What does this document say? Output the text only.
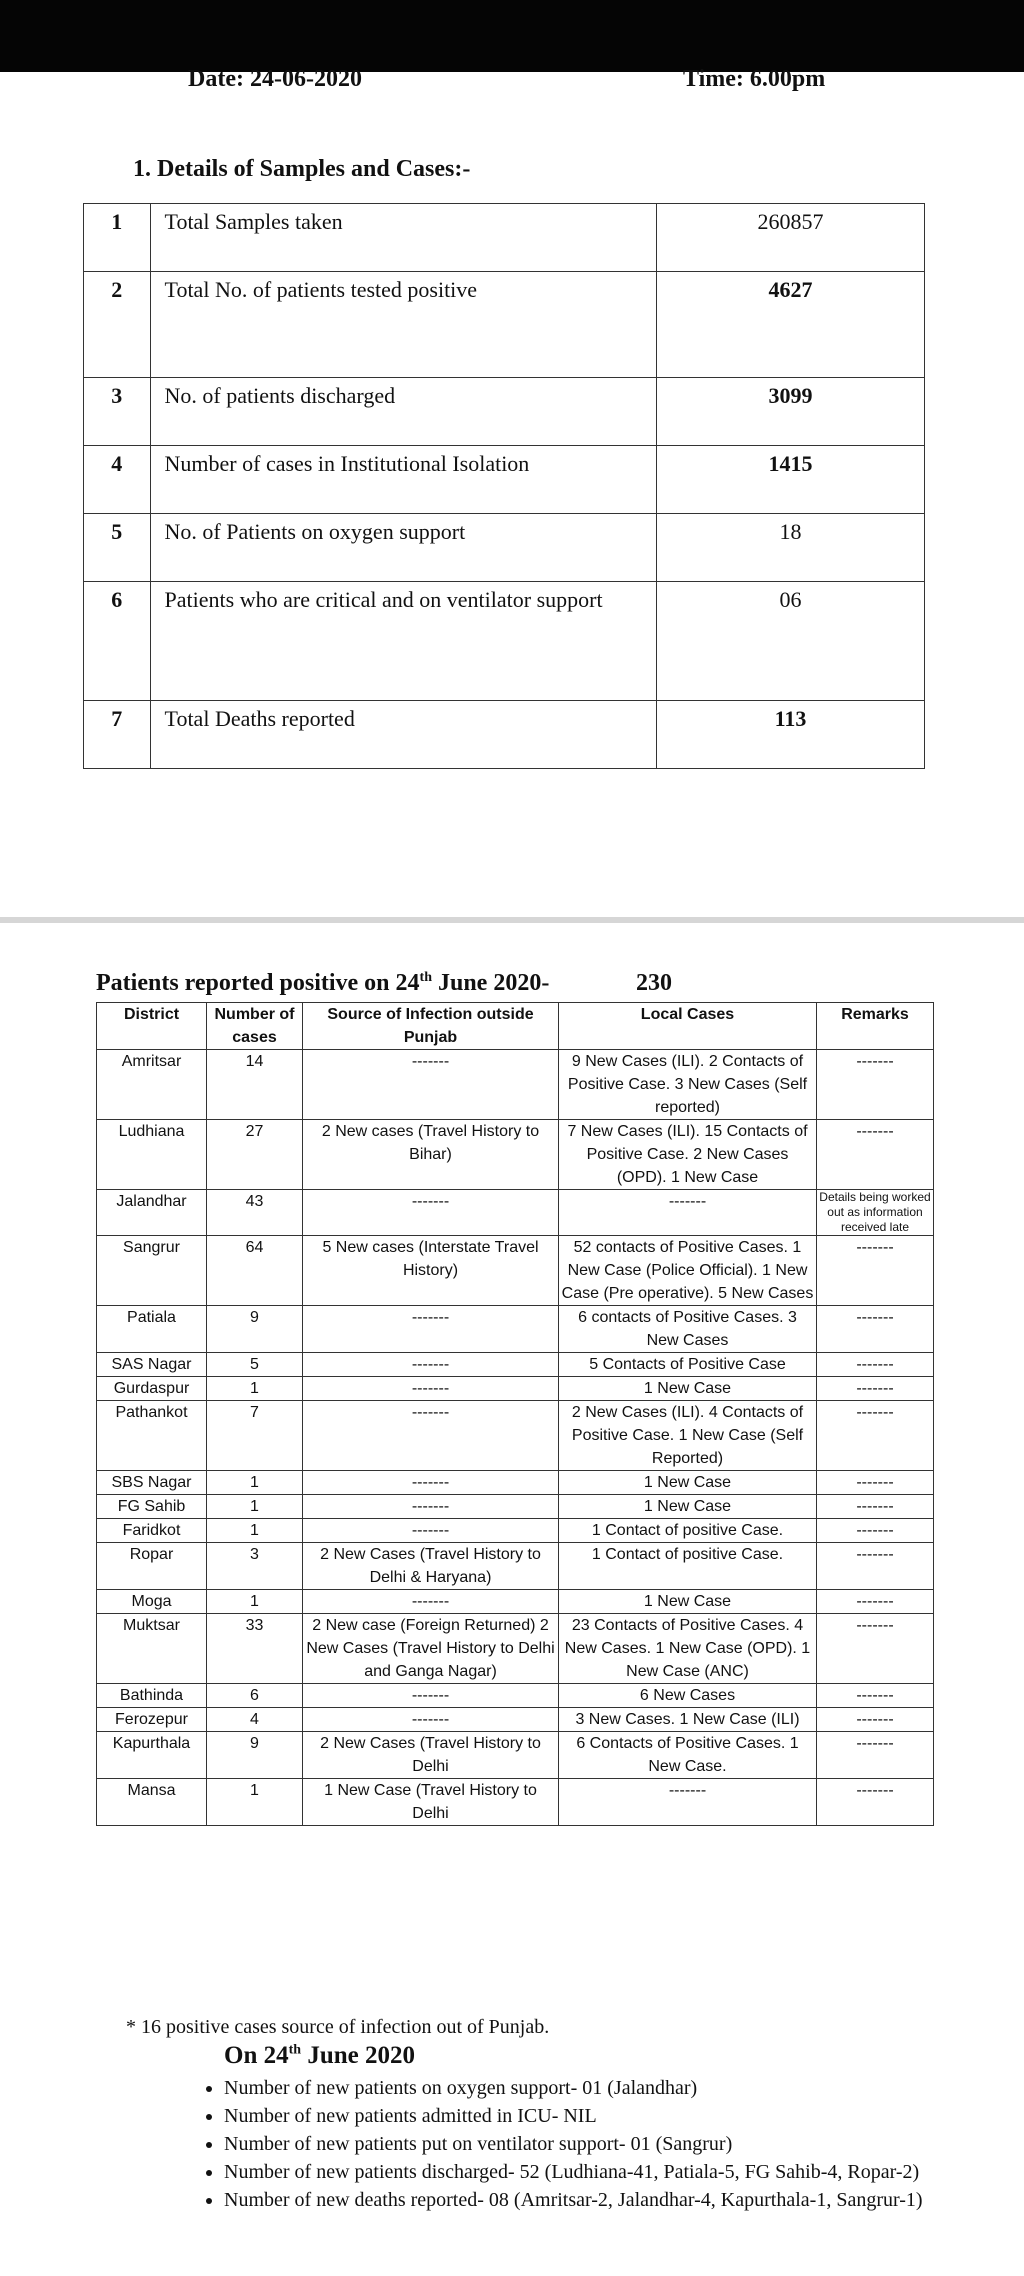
Date: 24-06-2020	Time: 6.00pm
1. Details of Samples and Cases:-
1	Total Samples taken	260857
2	Total No. of patients tested positive	4627
3	No. of patients discharged	3099
4	Number of cases in Institutional Isolation	1415
5	No. of Patients on oxygen support	18
6	Patients who are critical and on ventilator support	06
7	Total Deaths reported	113
Patients reported positive on 24th June 2020-	230
District	Number of cases	Source of Infection outside Punjab	Local Cases	Remarks
Amritsar	14	-------	9 New Cases (ILI). 2 Contacts of Positive Case. 3 New Cases (Self reported)	-------
Ludhiana	27	2 New cases (Travel History to Bihar)	7 New Cases (ILI). 15 Contacts of Positive Case. 2 New Cases (OPD). 1 New Case	-------
Jalandhar	43	-------	-------	Details being worked out as information received late
Sangrur	64	5 New cases (Interstate Travel History)	52 contacts of Positive Cases. 1 New Case (Police Official). 1 New Case (Pre operative). 5 New Cases	-------
Patiala	9	-------	6 contacts of Positive Cases. 3 New Cases	-------
SAS Nagar	5	-------	5 Contacts of Positive Case	-------
Gurdaspur	1	-------	1 New Case	-------
Pathankot	7	-------	2 New Cases (ILI). 4 Contacts of Positive Case. 1 New Case (Self Reported)	-------
SBS Nagar	1	-------	1 New Case	-------
FG Sahib	1	-------	1 New Case	-------
Faridkot	1	-------	1 Contact of positive Case.	-------
Ropar	3	2 New Cases (Travel History to Delhi & Haryana)	1 Contact of positive Case.	-------
Moga	1	-------	1 New Case	-------
Muktsar	33	2 New case (Foreign Returned) 2 New Cases (Travel History to Delhi and Ganga Nagar)	23 Contacts of Positive Cases. 4 New Cases. 1 New Case (OPD). 1 New Case (ANC)	-------
Bathinda	6	-------	6 New Cases	-------
Ferozepur	4	-------	3 New Cases. 1 New Case (ILI)	-------
Kapurthala	9	2 New Cases (Travel History to Delhi	6 Contacts of Positive Cases. 1 New Case.	-------
Mansa	1	1 New Case (Travel History to Delhi	-------	-------
* 16 positive cases source of infection out of Punjab.
On 24th June 2020
• Number of new patients on oxygen support- 01 (Jalandhar)
• Number of new patients admitted in ICU- NIL
• Number of new patients put on ventilator support- 01 (Sangrur)
• Number of new patients discharged- 52 (Ludhiana-41, Patiala-5, FG Sahib-4, Ropar-2)
• Number of new deaths reported- 08 (Amritsar-2, Jalandhar-4, Kapurthala-1, Sangrur-1)
